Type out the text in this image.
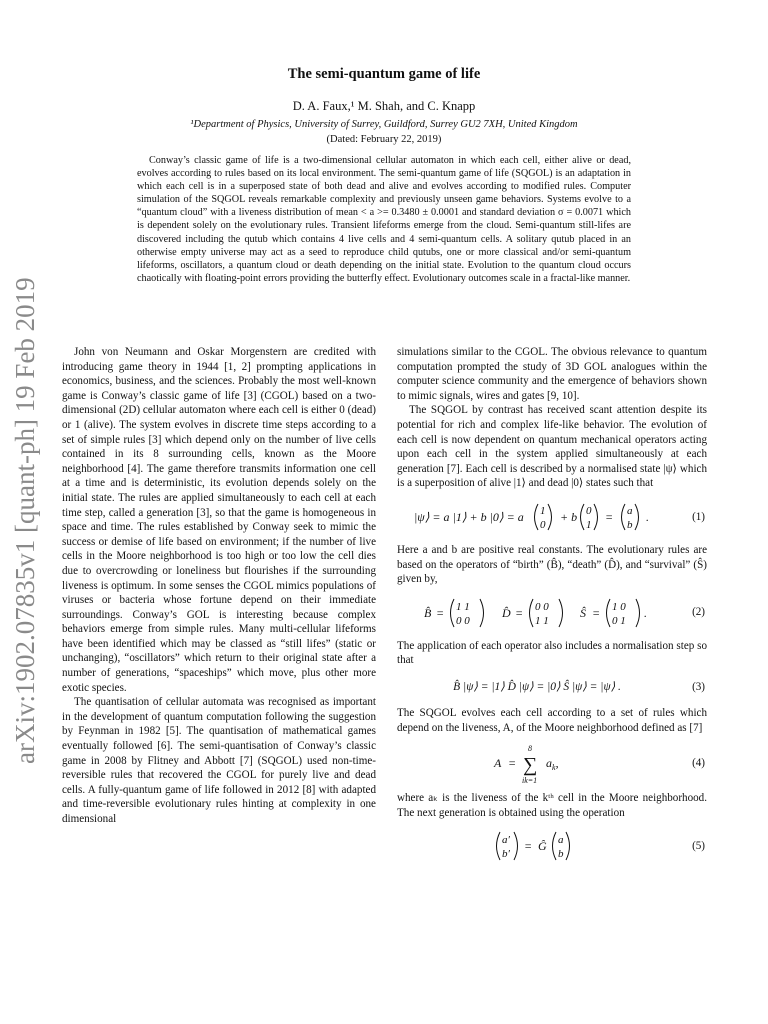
arXiv:1902.07835v1 [quant-ph] 19 Feb 2019
The semi-quantum game of life
D. A. Faux,¹ M. Shah, and C. Knapp
¹Department of Physics, University of Surrey, Guildford, Surrey GU2 7XH, United Kingdom
(Dated: February 22, 2019)

Conway’s classic game of life is a two-dimensional cellular automaton in which each cell, either alive or dead, evolves according to rules based on its local environment. The semi-quantum game of life (SQGOL) is an adaptation in which each cell is in a superposed state of both dead and alive and evolves according to modified rules. Computer simulation of the SQGOL reveals remarkable complexity and previously unseen game behaviors. Systems evolve to a “quantum cloud” with a liveness distribution of mean < a >= 0.3480 ± 0.0001 and standard deviation σ = 0.0071 which is dependent solely on the evolutionary rules. Transient lifeforms emerge from the cloud. Semi-quantum still-lifes are discovered including the qutub which contains 4 live cells and 4 semi-quantum cells. A solitary qutub placed in an otherwise empty universe may act as a seed to reproduce child qutubs, one or more classical and/or semi-quantum lifeforms, oscillators, a quantum cloud or death depending on the initial state. Evolution to the quantum cloud occurs chaotically with floating-point errors providing the butterfly effect. Evolutionary outcomes scale in a fractal-like manner.

John von Neumann and Oskar Morgenstern are credited with introducing game theory in 1944 [1, 2] prompting applications in economics, business, and the sciences. Probably the most well-known game is Conway’s classic game of life [3] (CGOL) based on a two-dimensional (2D) cellular automaton where each cell is either 0 (dead) or 1 (alive). The system evolves in discrete time steps according to a set of simple rules [3] which depend only on the number of live cells contained in its 8 surrounding cells, known as the Moore neighborhood [4]. The game therefore transmits information one cell at a time and is deterministic, its evolution depends solely on the initial state. The rules are applied simultaneously to each cell at each time step, called a generation [3], so that the game is homogeneous in space and time. The rules established by Conway seek to mimic the success or demise of life based on environment; if the number of live cells in the Moore neighborhood is too high or too low the cell dies due to overcrowding or loneliness but flourishes if the surrounding liveness is optimum. In some senses the CGOL mimics populations of viruses or bacteria whose fortune depend on their immediate surroundings. Conway’s GOL is interesting because complex behaviors emerge from simple rules. Many multi-cellular lifeforms have been identified which may be classed as “still lifes” (static or unchanging), “oscillators” which return to their original state after a number of generations, “spaceships” which move, plus other more exotic species.

The quantisation of cellular automata was recognised as important in the development of quantum computation following the suggestion by Feynman in 1982 [5]. The quantisation of mathematical games eventually followed [6]. The semi-quantisation of Conway’s classic game in 2008 by Flitney and Abbott [7] (SQGOL) used non-time-reversible rules that recovered the CGOL for purely live and dead cells. A fully-quantum game of life followed in 2012 [8] with adapted and time-reversible evolutionary rules hinting at complexity in one dimensional

simulations similar to the CGOL. The obvious relevance to quantum computation prompted the study of 3D GOL analogues within the computer science community and the emergence of behaviors shown to mimic signals, wires and gates [9, 10].

The SQGOL by contrast has received scant attention despite its potential for rich and complex life-like behavior. The evolution of each cell is now dependent on quantum mechanical operators acting upon each cell in the system applied simultaneously at each generation [7]. Each cell is described by a normalised state |ψ⟩ which is a superposition of alive |1⟩ and dead |0⟩ states such that

|ψ⟩ = a |1⟩ + b |0⟩ = a 1
0
+ b 0
1
= a
b
.	(1)

Here a and b are positive real constants. The evolutionary rules are based on the operators of “birth” (B̂), “death” (D̂), and “survival” (Ŝ) given by,

B̂ = 1 1
0 0
D̂ = 0 0
1 1
Ŝ = 1 0
0 1
.	(2)

The application of each operator also includes a normalisation step so that

B̂ |ψ⟩ = |1⟩ D̂ |ψ⟩ = |0⟩ Ŝ |ψ⟩ = |ψ⟩ .	(3)

The SQGOL evolves each cell according to a set of rules which depend on the liveness, A, of the Moore neighborhood defined as [7]

A =
8
∑
ik=1
$a_k$,	(4)

where aₖ is the liveness of the kᵗʰ cell in the Moore neighborhood. The next generation is obtained using the operation

a′
b′
= Ĝ a
b
(5)
